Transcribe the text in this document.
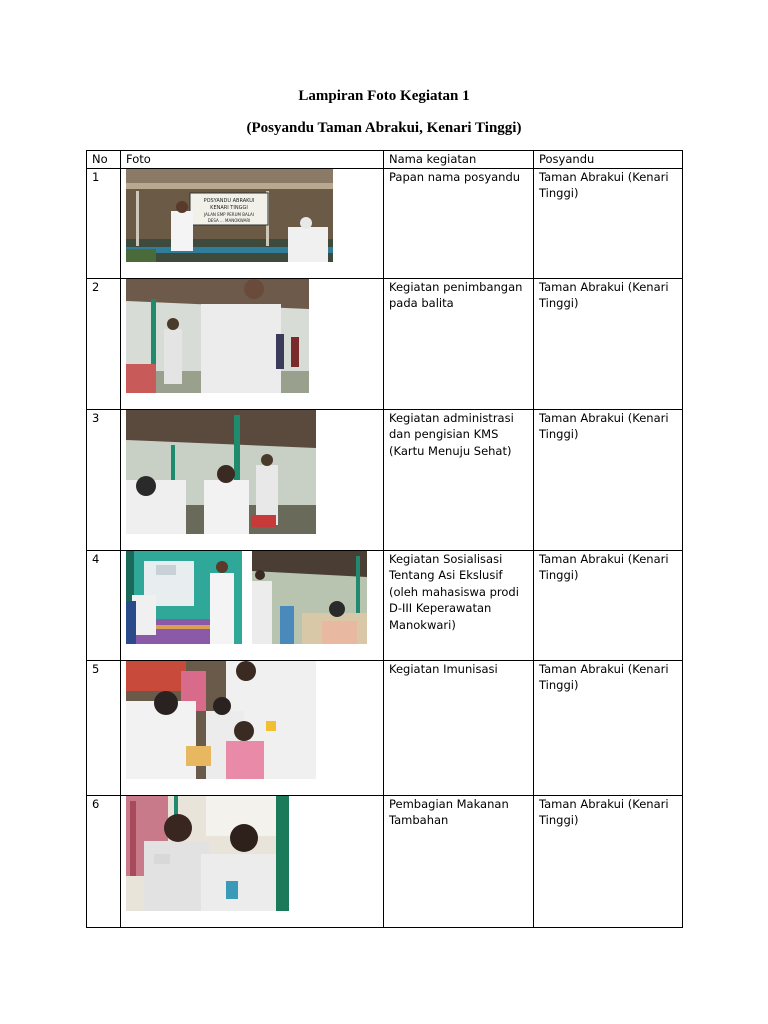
Lampiran Foto Kegiatan 1
(Posyandu Taman Abrakui, Kenari Tinggi)
No	Foto	Nama kegiatan	Posyandu
1	POSYANDU ABRAKUI
KENARI TINGGI
JALAN EMP PERUM BALAI
DESA ... MANOKWARI	Papan nama posyandu	Taman Abrakui (Kenari Tinggi)
2		Kegiatan penimbangan pada balita	Taman Abrakui (Kenari Tinggi)
3		Kegiatan administrasi dan pengisian KMS (Kartu Menuju Sehat)	Taman Abrakui (Kenari Tinggi)
4		Kegiatan Sosialisasi Tentang Asi Ekslusif (oleh mahasiswa prodi D-III Keperawatan Manokwari)	Taman Abrakui (Kenari Tinggi)
5		Kegiatan Imunisasi	Taman Abrakui (Kenari Tinggi)
6		Pembagian Makanan Tambahan	Taman Abrakui (Kenari Tinggi)
